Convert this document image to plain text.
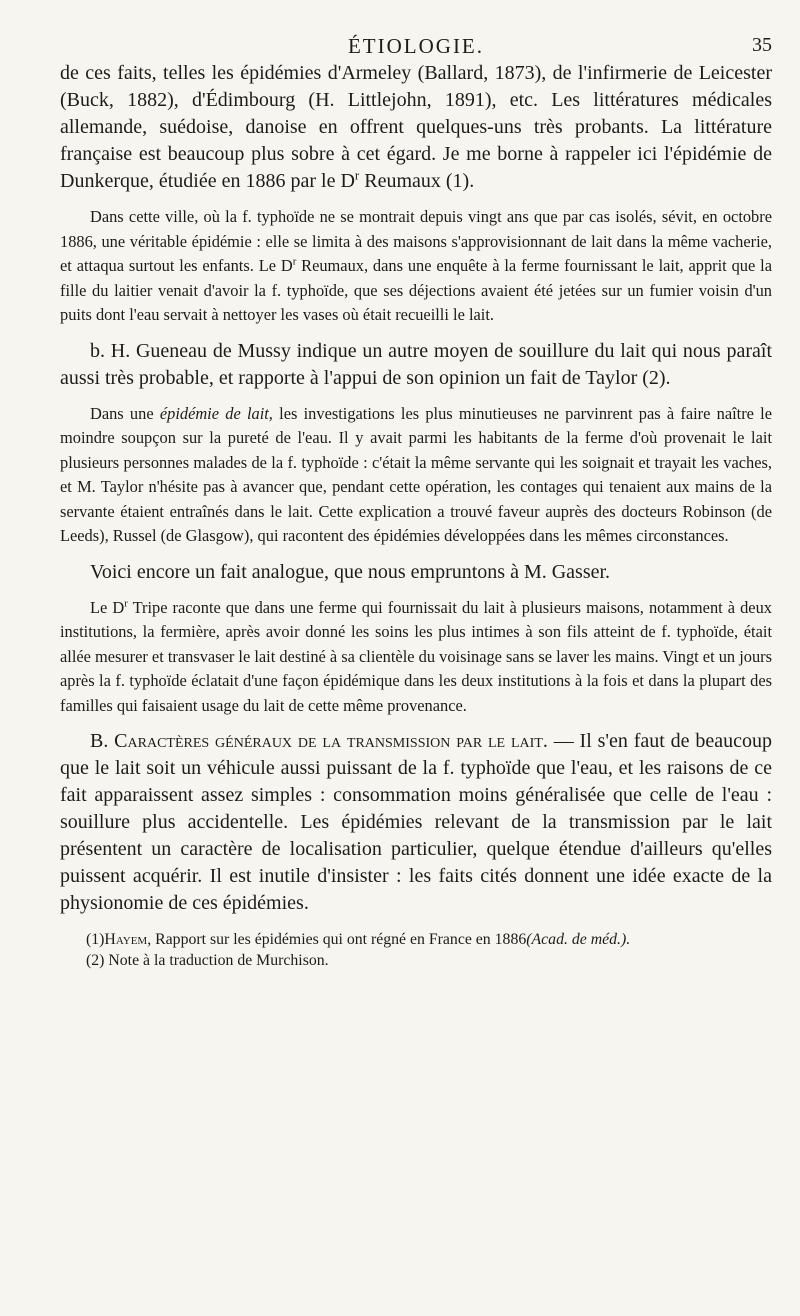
ÉTIOLOGIE.	35

de ces faits, telles les épidémies d'Armeley (Ballard, 1873), de l'infirmerie de Leicester (Buck, 1882), d'Édimbourg (H. Littlejohn, 1891), etc. Les littératures médicales allemande, suédoise, danoise en offrent quelques-uns très probants. La littérature française est beaucoup plus sobre à cet égard. Je me borne à rappeler ici l'épidémie de Dunkerque, étudiée en 1886 par le $D^r$ Reumaux (1).

Dans cette ville, où la f. typhoïde ne se montrait depuis vingt ans que par cas isolés, sévit, en octobre 1886, une véritable épidémie : elle se limita à des maisons s'approvisionnant de lait dans la même vacherie, et attaqua surtout les enfants. Le $D^r$ Reumaux, dans une enquête à la ferme fournissant le lait, apprit que la fille du laitier venait d'avoir la f. typhoïde, que ses déjections avaient été jetées sur un fumier voisin d'un puits dont l'eau servait à nettoyer les vases où était recueilli le lait.

b. H. Gueneau de Mussy indique un autre moyen de souillure du lait qui nous paraît aussi très probable, et rapporte à l'appui de son opinion un fait de Taylor (2).

Dans une épidémie de lait, les investigations les plus minutieuses ne parvinrent pas à faire naître le moindre soupçon sur la pureté de l'eau. Il y avait parmi les habitants de la ferme d'où provenait le lait plusieurs personnes malades de la f. typhoïde : c'était la même servante qui les soignait et trayait les vaches, et M. Taylor n'hésite pas à avancer que, pendant cette opération, les contages qui tenaient aux mains de la servante étaient entraînés dans le lait. Cette explication a trouvé faveur auprès des docteurs Robinson (de Leeds), Russel (de Glasgow), qui racontent des épidémies développées dans les mêmes circonstances.

Voici encore un fait analogue, que nous empruntons à M. Gasser.

Le $D^r$ Tripe raconte que dans une ferme qui fournissait du lait à plusieurs maisons, notamment à deux institutions, la fermière, après avoir donné les soins les plus intimes à son fils atteint de f. typhoïde, était allée mesurer et transvaser le lait destiné à sa clientèle du voisinage sans se laver les mains. Vingt et un jours après la f. typhoïde éclatait d'une façon épidémique dans les deux institutions à la fois et dans la plupart des familles qui faisaient usage du lait de cette même provenance.

B. Caractères généraux de la transmission par le lait. — Il s'en faut de beaucoup que le lait soit un véhicule aussi puissant de la f. typhoïde que l'eau, et les raisons de ce fait apparaissent assez simples : consommation moins généralisée que celle de l'eau : souillure plus accidentelle. Les épidémies relevant de la transmission par le lait présentent un caractère de localisation particulier, quelque étendue d'ailleurs qu'elles puissent acquérir. Il est inutile d'insister : les faits cités donnent une idée exacte de la physionomie de ces épidémies.

(1)Hayem, Rapport sur les épidémies qui ont régné en France en 1886(Acad. de méd.).

(2) Note à la traduction de Murchison.
